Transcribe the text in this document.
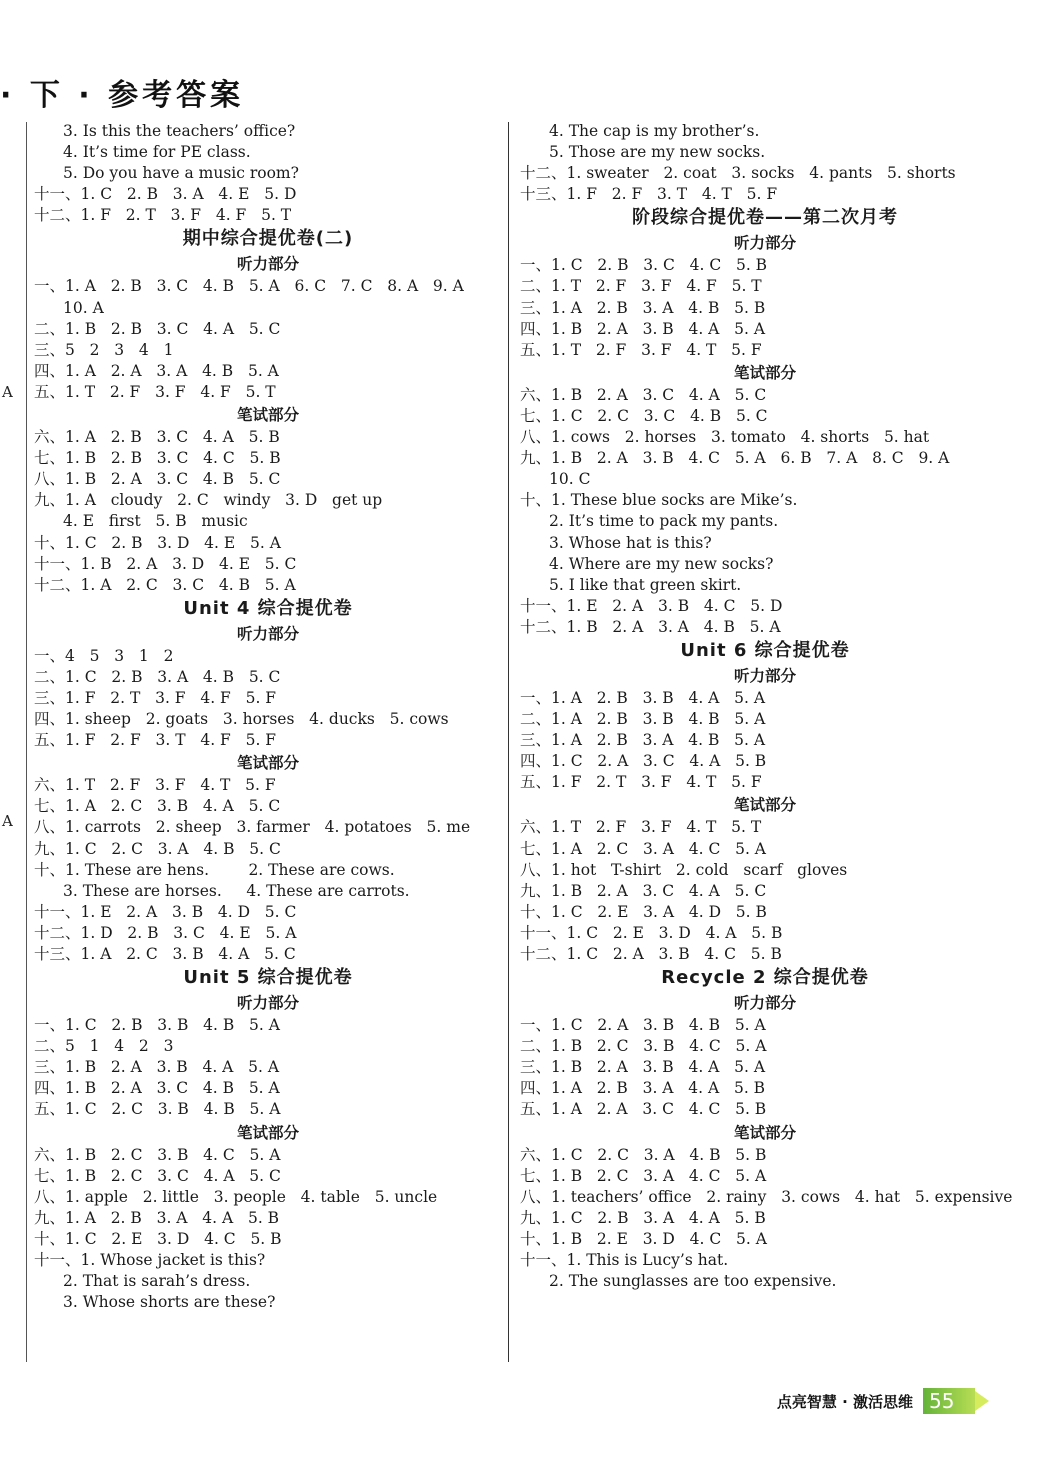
· 下 · 参考答案
A
A
3. Is this the teachers’ office?
4. It’s time for PE class.
5. Do you have a music room?
十一、1. C   2. B   3. A   4. E   5. D
十二、1. F   2. T   3. F   4. F   5. T
期中综合提优卷(二)
听力部分
一、1. A   2. B   3. C   4. B   5. A   6. C   7. C   8. A   9. A
10. A
二、1. B   2. B   3. C   4. A   5. C
三、5   2   3   4   1
四、1. A   2. A   3. A   4. B   5. A
五、1. T   2. F   3. F   4. F   5. T
笔试部分
六、1. A   2. B   3. C   4. A   5. B
七、1. B   2. B   3. C   4. C   5. B
八、1. B   2. A   3. C   4. B   5. C
九、1. A   cloudy   2. C   windy   3. D   get up
4. E   first   5. B   music
十、1. C   2. B   3. D   4. E   5. A
十一、1. B   2. A   3. D   4. E   5. C
十二、1. A   2. C   3. C   4. B   5. A
Unit 4 综合提优卷
听力部分
一、4   5   3   1   2
二、1. C   2. B   3. A   4. B   5. C
三、1. F   2. T   3. F   4. F   5. F
四、1. sheep   2. goats   3. horses   4. ducks   5. cows
五、1. F   2. F   3. T   4. F   5. F
笔试部分
六、1. T   2. F   3. F   4. T   5. F
七、1. A   2. C   3. B   4. A   5. C
八、1. carrots   2. sheep   3. farmer   4. potatoes   5. me
九、1. C   2. C   3. A   4. B   5. C
十、1. These are hens.        2. These are cows.
3. These are horses.     4. These are carrots.
十一、1. E   2. A   3. B   4. D   5. C
十二、1. D   2. B   3. C   4. E   5. A
十三、1. A   2. C   3. B   4. A   5. C
Unit 5 综合提优卷
听力部分
一、1. C   2. B   3. B   4. B   5. A
二、5   1   4   2   3
三、1. B   2. A   3. B   4. A   5. A
四、1. B   2. A   3. C   4. B   5. A
五、1. C   2. C   3. B   4. B   5. A
笔试部分
六、1. B   2. C   3. B   4. C   5. A
七、1. B   2. C   3. C   4. A   5. C
八、1. apple   2. little   3. people   4. table   5. uncle
九、1. A   2. B   3. A   4. A   5. B
十、1. C   2. E   3. D   4. C   5. B
十一、1. Whose jacket is this?
2. That is sarah’s dress.
3. Whose shorts are these?
4. The cap is my brother’s.
5. Those are my new socks.
十二、1. sweater   2. coat   3. socks   4. pants   5. shorts
十三、1. F   2. F   3. T   4. T   5. F
阶段综合提优卷——第二次月考
听力部分
一、1. C   2. B   3. C   4. C   5. B
二、1. T   2. F   3. F   4. F   5. T
三、1. A   2. B   3. A   4. B   5. B
四、1. B   2. A   3. B   4. A   5. A
五、1. T   2. F   3. F   4. T   5. F
笔试部分
六、1. B   2. A   3. C   4. A   5. C
七、1. C   2. C   3. C   4. B   5. C
八、1. cows   2. horses   3. tomato   4. shorts   5. hat
九、1. B   2. A   3. B   4. C   5. A   6. B   7. A   8. C   9. A
10. C
十、1. These blue socks are Mike’s.
2. It’s time to pack my pants.
3. Whose hat is this?
4. Where are my new socks?
5. I like that green skirt.
十一、1. E   2. A   3. B   4. C   5. D
十二、1. B   2. A   3. A   4. B   5. A
Unit 6 综合提优卷
听力部分
一、1. A   2. B   3. B   4. A   5. A
二、1. A   2. B   3. B   4. B   5. A
三、1. A   2. B   3. A   4. B   5. A
四、1. C   2. A   3. C   4. A   5. B
五、1. F   2. T   3. F   4. T   5. F
笔试部分
六、1. T   2. F   3. F   4. T   5. T
七、1. A   2. C   3. A   4. C   5. A
八、1. hot   T-shirt   2. cold   scarf   gloves
九、1. B   2. A   3. C   4. A   5. C
十、1. C   2. E   3. A   4. D   5. B
十一、1. C   2. E   3. D   4. A   5. B
十二、1. C   2. A   3. B   4. C   5. B
Recycle 2 综合提优卷
听力部分
一、1. C   2. A   3. B   4. B   5. A
二、1. B   2. C   3. B   4. C   5. A
三、1. B   2. A   3. B   4. A   5. A
四、1. A   2. B   3. A   4. A   5. B
五、1. A   2. A   3. C   4. C   5. B
笔试部分
六、1. C   2. C   3. A   4. B   5. B
七、1. B   2. C   3. A   4. C   5. A
八、1. teachers’ office   2. rainy   3. cows   4. hat   5. expensive
九、1. C   2. B   3. A   4. A   5. B
十、1. B   2. E   3. D   4. C   5. A
十一、1. This is Lucy’s hat.
2. The sunglasses are too expensive.
点亮智慧 · 激活思维 55
